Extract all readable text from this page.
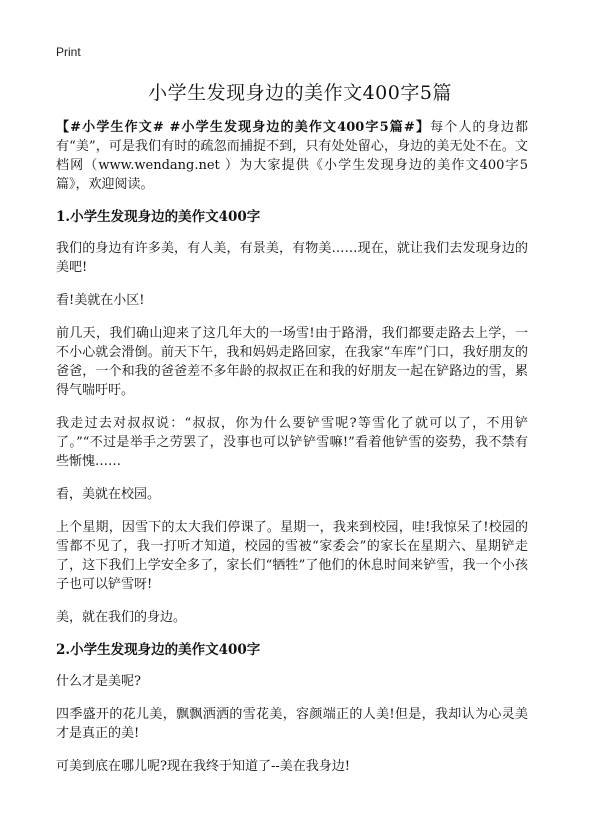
Print
小学生发现身边的美作文400字5篇

【#小学生作文# #小学生发现身边的美作文400字5篇#】每个人的身边都有“美”，可是我们有时的疏忽而捕捉不到，只有处处留心，身边的美无处不在。文档网（www.wendang.net ）为大家提供《小学生发现身边的美作文400字5篇》，欢迎阅读。

1.小学生发现身边的美作文400字

我们的身边有许多美，有人美，有景美，有物美……现在，就让我们去发现身边的美吧!

看!美就在小区!

前几天，我们确山迎来了这几年大的一场雪!由于路滑，我们都要走路去上学，一不小心就会滑倒。前天下午，我和妈妈走路回家，在我家“车库”门口，我好朋友的爸爸，一个和我的爸爸差不多年龄的叔叔正在和我的好朋友一起在铲路边的雪，累得气喘吁吁。

我走过去对叔叔说：“叔叔，你为什么要铲雪呢?等雪化了就可以了，不用铲了。”“不过是举手之劳罢了，没事也可以铲铲雪嘛!”看着他铲雪的姿势，我不禁有些惭愧……

看，美就在校园。

上个星期，因雪下的太大我们停课了。星期一，我来到校园，哇!我惊呆了!校园的雪都不见了，我一打听才知道，校园的雪被“家委会”的家长在星期六、星期铲走了，这下我们上学安全多了，家长们“牺牲”了他们的休息时间来铲雪，我一个小孩子也可以铲雪呀!

美，就在我们的身边。

2.小学生发现身边的美作文400字

什么才是美呢?

四季盛开的花儿美，飘飘洒洒的雪花美，容颜端正的人美!但是，我却认为心灵美才是真正的美!

可美到底在哪儿呢?现在我终于知道了--美在我身边!
